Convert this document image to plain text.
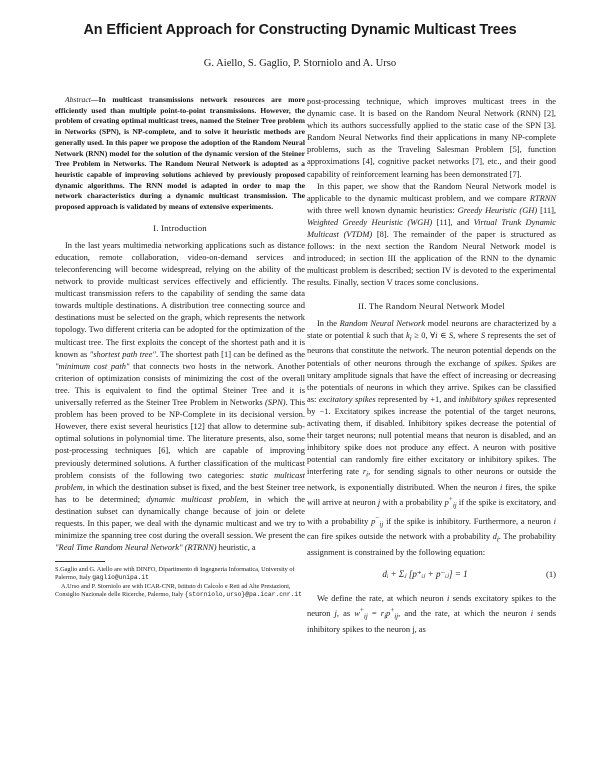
An Efficient Approach for Constructing Dynamic Multicast Trees
G. Aiello, S. Gaglio, P. Storniolo and A. Urso

Abstract—In multicast transmissions network resources are more efficiently used than multiple point-to-point transmissions. However, the problem of creating optimal multicast trees, named the Steiner Tree problem in Networks (SPN), is NP-complete, and to solve it heuristic methods are generally used. In this paper we propose the adoption of the Random Neural Network (RNN) model for the solution of the dynamic version of the Steiner Tree Problem in Networks. The Random Neural Network is adopted as a heuristic capable of improving solutions achieved by previously proposed dynamic algorithms. The RNN model is adapted in order to map the network characteristics during a dynamic multicast transmission. The proposed approach is validated by means of extensive experiments.

I. Introduction

In the last years multimedia networking applications such as distance education, remote collaboration, video-on-demand services and teleconferencing will become widespread, relying on the ability of the network to provide multicast services effectively and efficiently. The multicast transmission refers to the capability of sending the same data towards multiple destinations. A distribution tree connecting source and destinations must be selected on the graph, which represents the network topology. Two different criteria can be adopted for the optimization of the multicast tree. The first exploits the concept of the shortest path and it is known as "shortest path tree". The shortest path [1] can be defined as the "minimum cost path" that connects two hosts in the network. Another criterion of optimization consists of minimizing the cost of the overall tree. This is equivalent to find the optimal Steiner Tree and it is universally referred as the Steiner Tree Problem in Networks (SPN). This problem has been proved to be NP-Complete in its decisional version. However, there exist several heuristics [12] that allow to determine sub-optimal solutions in polynomial time. The literature presents, also, some post-processing techniques [6], which are capable of improving previously determined solutions. A further classification of the multicast problem consists of the following two categories: static multicast problem, in which the destination subset is fixed, and the best Steiner tree has to be determined; dynamic multicast problem, in which the destination subset can dynamically change because of join or delete requests. In this paper, we deal with the dynamic multicast and we try to minimize the spanning tree cost during the overall session. We present the "Real Time Random Neural Network" (RTRNN) heuristic, a

S.Gaglio and G. Aiello are with DINFO, Dipartimento di Ingegneria Informatica, University of Palermo, Italy gaglio@unipa.it

A.Urso and P. Storniolo are with ICAR-CNR, Istituto di Calcolo e Reti ad Alte Prestazioni, Consiglio Nazionale delle Ricerche, Palermo, Italy {storniolo,urso}@pa.icar.cnr.it

post-processing technique, which improves multicast trees in the dynamic case. It is based on the Random Neural Network (RNN) [2], which its authors successfully applied to the static case of the SPN [3]. Random Neural Networks find their applications in many NP-complete problems, such as the Traveling Salesman Problem [5], function approximations [4], cognitive packet networks [7], etc., and their good capability of reinforcement learning has been demonstrated [7].

In this paper, we show that the Random Neural Network model is applicable to the dynamic multicast problem, and we compare RTRNN with three well known dynamic heuristics: Greedy Heuristic (GH) [11], Weighted Greedy Heuristic (WGH) [11], and Virtual Trunk Dynamic Multicast (VTDM) [8]. The remainder of the paper is structured as follows: in the next section the Random Neural Network model is introduced; in section III the application of the RNN to the dynamic multicast problem is described; section IV is devoted to the experimental results. Finally, section V traces some conclusions.

II. The Random Neural Network Model

In the Random Neural Network model neurons are characterized by a state or potential k such that $k_i \ge 0$, ∀i ∈ S, where S represents the set of neurons that constitute the network. The neuron potential depends on the potentials of other neurons through the exchange of spikes. Spikes are unitary amplitude signals that have the effect of increasing or decreasing the potentials of neurons in which they arrive. Spikes can be classified as: excitatory spikes represented by +1, and inhibitory spikes represented by −1. Excitatory spikes increase the potential of the target neurons, activating them, if disabled. Inhibitory spikes decrease the potential of their target neurons; null potential means that neuron is disabled, and an inhibitory spike does not produce any effect. A neuron with positive potential can randomly fire either excitatory or inhibitory spikes. The interfering rate $r_i$, for sending signals to other neurons or outside the network, is exponentially distributed. When the neuron i fires, the spike will arrive at neuron j with a probability $p^+_{ij}$ if the spike is excitatory, and with a probability $p^-_{ij}$ if the spike is inhibitory. Furthermore, a neuron i can fire spikes outside the network with a probability $d_i$. The probability assignment is constrained by the following equation:

dᵢ + Σⱼ [p⁺ᵢⱼ + p⁻ᵢⱼ] = 1	(1)

We define the rate, at which neuron i sends excitatory spikes to the neuron j, as $w^+_{ij} = r_ip^+_{ij}$, and the rate, at which the neuron i sends inhibitory spikes to the neuron j, as
